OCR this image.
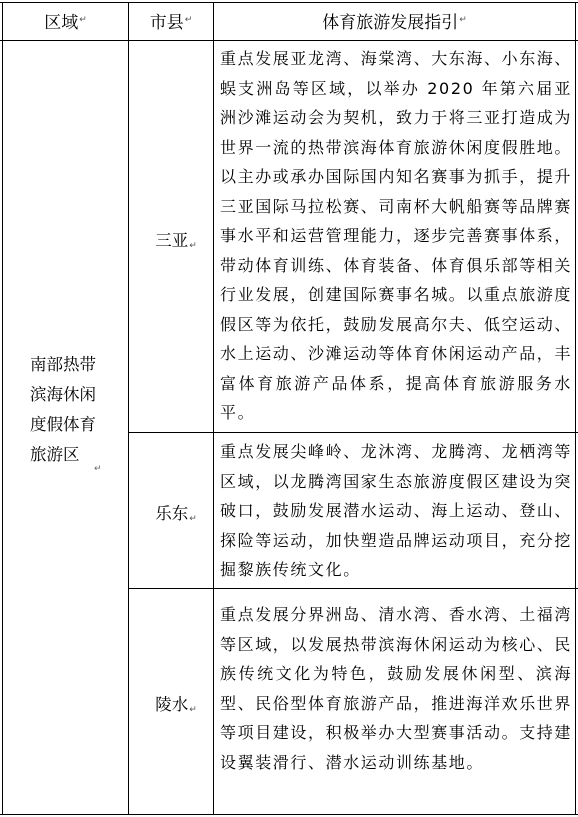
区域 ↵	市县 ↵	体育旅游发展指引 ↵
南部热带
滨海休闲
度假体育
旅游区
↵
三亚↵
重点发展亚龙湾、海棠湾、大东海、小东海、蜈支洲岛等区域，以举办 2020 年第六届亚洲沙滩运动会为契机，致力于将三亚打造成为世界一流的热带滨海体育旅游休闲度假胜地。以主办或承办国际国内知名赛事为抓手，提升三亚国际马拉松赛、司南杯大帆船赛等品牌赛事水平和运营管理能力，逐步完善赛事体系，带动体育训练、体育装备、体育俱乐部等相关行业发展，创建国际赛事名城。以重点旅游度假区等为依托，鼓励发展高尔夫、低空运动、水上运动、沙滩运动等体育休闲运动产品，丰富体育旅游产品体系，提高体育旅游服务水平。
乐东↵
重点发展尖峰岭、龙沐湾、龙腾湾、龙栖湾等区域，以龙腾湾国家生态旅游度假区建设为突破口，鼓励发展潜水运动、海上运动、登山、探险等运动，加快塑造品牌运动项目，充分挖掘黎族传统文化。
陵水↵
重点发展分界洲岛、清水湾、香水湾、土福湾等区域，以发展热带滨海休闲运动为核心、民族传统文化为特色，鼓励发展休闲型、滨海型、民俗型体育旅游产品，推进海洋欢乐世界等项目建设，积极举办大型赛事活动。支持建设翼装滑行、潜水运动训练基地。
